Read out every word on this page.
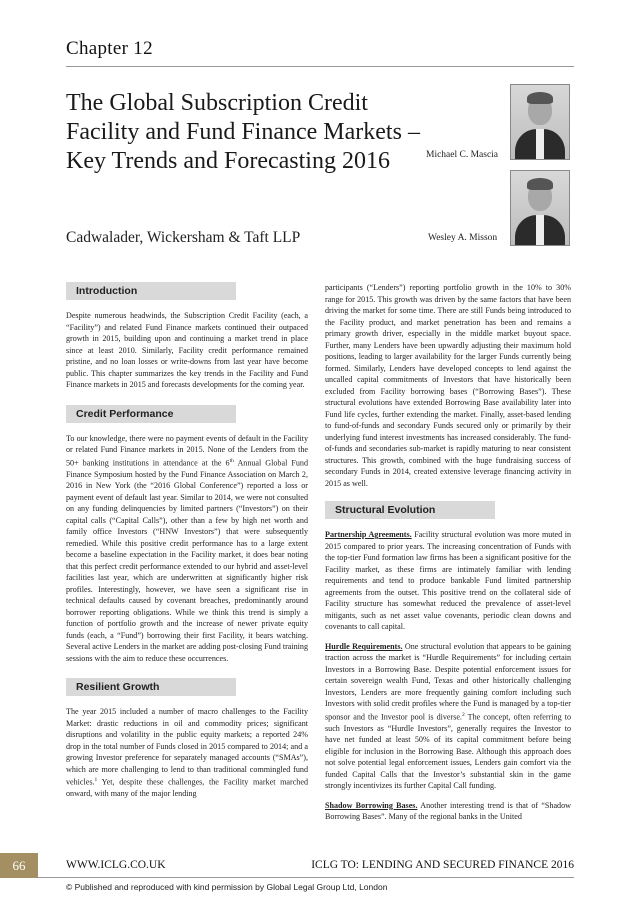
Chapter 12
The Global Subscription Credit Facility and Fund Finance Markets – Key Trends and Forecasting 2016
Cadwalader, Wickersham & Taft LLP
Michael C. Mascia
Wesley A. Misson
Introduction

Despite numerous headwinds, the Subscription Credit Facility (each, a “Facility”) and related Fund Finance markets continued their outpaced growth in 2015, building upon and continuing a market trend in place since at least 2010. Similarly, Facility credit performance remained pristine, and no loan losses or write-downs from last year have become public. This chapter summarizes the key trends in the Facility and Fund Finance markets in 2015 and forecasts developments for the coming year.

Credit Performance

To our knowledge, there were no payment events of default in the Facility or related Fund Finance markets in 2015. None of the Lenders from the 50+ banking institutions in attendance at the 6th Annual Global Fund Finance Symposium hosted by the Fund Finance Association on March 2, 2016 in New York (the “2016 Global Conference”) reported a loss or payment event of default last year. Similar to 2014, we were not consulted on any funding delinquencies by limited partners (“Investors”) on their capital calls (“Capital Calls”), other than a few by high net worth and family office Investors (“HNW Investors”) that were subsequently remedied. While this positive credit performance has to a large extent become a baseline expectation in the Facility market, it does bear noting that this perfect credit performance extended to our hybrid and asset-level facilities last year, which are underwritten at significantly higher risk profiles. Interestingly, however, we have seen a significant rise in technical defaults caused by covenant breaches, predominantly around borrower reporting obligations. While we think this trend is simply a function of portfolio growth and the increase of newer private equity funds (each, a “Fund”) borrowing their first Facility, it bears watching. Several active Lenders in the market are adding post-closing Fund training sessions with the aim to reduce these occurrences.

Resilient Growth

The year 2015 included a number of macro challenges to the Facility Market: drastic reductions in oil and commodity prices; significant disruptions and volatility in the public equity markets; a reported 24% drop in the total number of Funds closed in 2015 compared to 2014; and a growing Investor preference for separately managed accounts (“SMAs”), which are more challenging to lend to than traditional commingled fund vehicles.$^1$ Yet, despite these challenges, the Facility market marched onward, with many of the major lending

participants (“Lenders”) reporting portfolio growth in the 10% to 30% range for 2015. This growth was driven by the same factors that have been driving the market for some time. There are still Funds being introduced to the Facility product, and market penetration has been and remains a primary growth driver, especially in the middle market buyout space. Further, many Lenders have been upwardly adjusting their maximum hold positions, leading to larger availability for the larger Funds currently being formed. Similarly, Lenders have developed concepts to lend against the uncalled capital commitments of Investors that have historically been excluded from Facility borrowing bases (“Borrowing Bases”). These structural evolutions have extended Borrowing Base availability later into Fund life cycles, further extending the market. Finally, asset-based lending to fund-of-funds and secondary Funds secured only or primarily by their underlying fund interest investments has increased considerably. The fund-of-funds and secondaries sub-market is rapidly maturing to near consistent structures. This growth, combined with the huge fundraising success of secondary Funds in 2014, created extensive leverage financing activity in 2015 as well.

Structural Evolution

Partnership Agreements. Facility structural evolution was more muted in 2015 compared to prior years. The increasing concentration of Funds with the top-tier Fund formation law firms has been a significant positive for the Facility market, as these firms are intimately familiar with lending requirements and tend to produce bankable Fund limited partnership agreements from the outset. This positive trend on the collateral side of Facility structure has somewhat reduced the prevalence of asset-level mitigants, such as net asset value covenants, periodic clean downs and covenants to call capital.

Hurdle Requirements. One structural evolution that appears to be gaining traction across the market is “Hurdle Requirements” for including certain Investors in a Borrowing Base. Despite potential enforcement issues for certain sovereign wealth Fund, Texas and other historically challenging Investors, Lenders are more frequently gaining comfort including such Investors with solid credit profiles where the Fund is managed by a top-tier sponsor and the Investor pool is diverse.$^2$ The concept, often referring to such Investors as “Hurdle Investors”, generally requires the Investor to have net funded at least 50% of its capital commitment before being eligible for inclusion in the Borrowing Base. Although this approach does not solve potential legal enforcement issues, Lenders gain comfort via the funded Capital Calls that the Investor’s substantial skin in the game strongly incentivizes its further Capital Call funding.

Shadow Borrowing Bases. Another interesting trend is that of “Shadow Borrowing Bases”. Many of the regional banks in the United

66	WWW.ICLG.CO.UK	ICLG TO: LENDING AND SECURED FINANCE 2016
© Published and reproduced with kind permission by Global Legal Group Ltd, London
